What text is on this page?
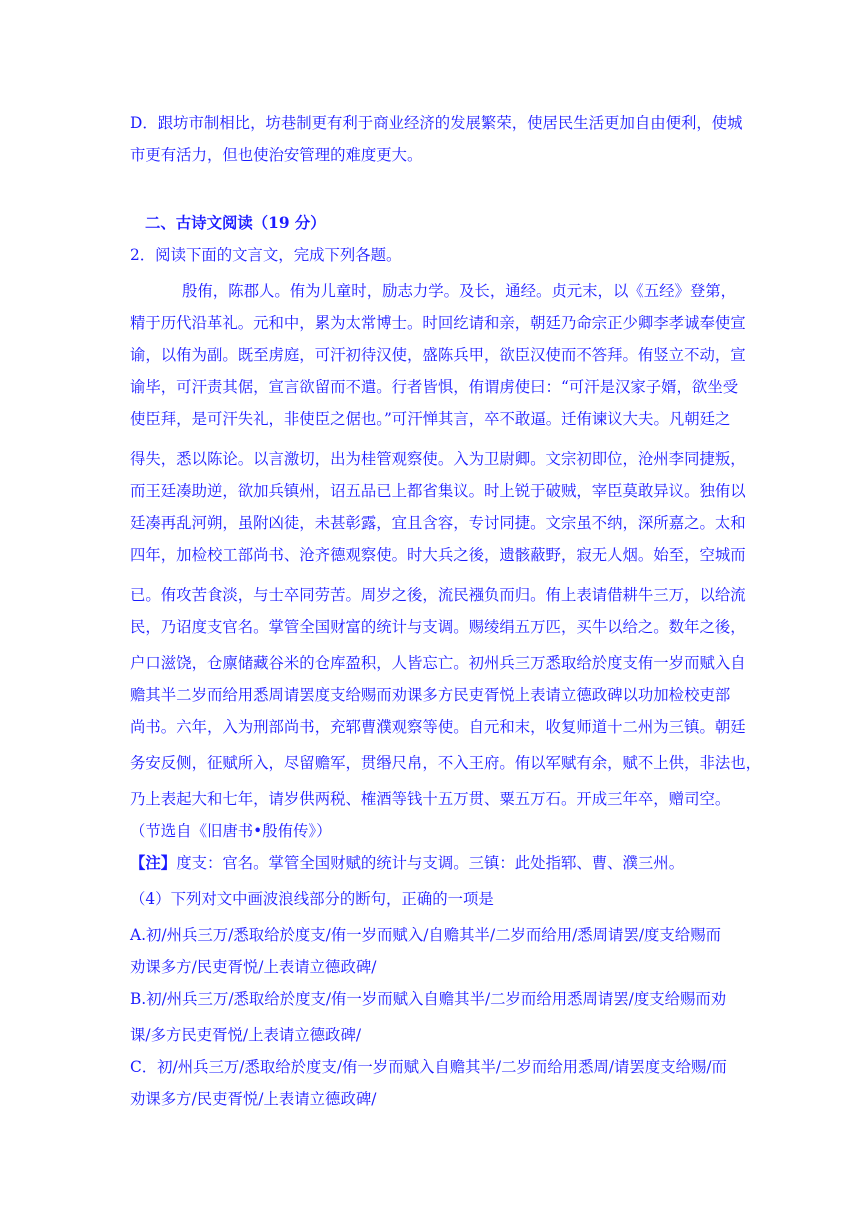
D．跟坊市制相比，坊巷制更有利于商业经济的发展繁荣，使居民生活更加自由便利，使城
市更有活力，但也使治安管理的难度更大。
二、古诗文阅读（19 分）
2．阅读下面的文言文，完成下列各题。
殷侑，陈郡人。侑为儿童时，励志力学。及长，通经。贞元末，以《五经》登第，
精于历代沿革礼。元和中，累为太常博士。时回纥请和亲，朝廷乃命宗正少卿李孝诚奉使宣
谕，以侑为副。既至虏庭，可汗初待汉使，盛陈兵甲，欲臣汉使而不答拜。侑竖立不动，宣
谕毕，可汗责其倨，宣言欲留而不遣。行者皆惧，侑谓虏使曰：“可汗是汉家子婿，欲坐受
使臣拜，是可汗失礼，非使臣之倨也。”可汗惮其言，卒不敢逼。迁侑谏议大夫。凡朝廷之
得失，悉以陈论。以言激切，出为桂管观察使。入为卫尉卿。文宗初即位，沧州李同捷叛，
而王廷凑助逆，欲加兵镇州，诏五品已上都省集议。时上锐于破贼，宰臣莫敢异议。独侑以
廷凑再乱河朔，虽附凶徒，未甚彰露，宜且含容，专讨同捷。文宗虽不纳，深所嘉之。太和
四年，加检校工部尚书、沧齐德观察使。时大兵之後，遗骸蔽野，寂无人烟。始至，空城而
已。侑攻苦食淡，与士卒同劳苦。周岁之後，流民襁负而归。侑上表请借耕牛三万，以给流
民，乃诏度支官名。掌管全国财富的统计与支调。赐绫绢五万匹，买牛以给之。数年之後，
户口滋饶，仓廪储藏谷米的仓库盈积，人皆忘亡。初州兵三万悉取给於度支侑一岁而赋入自
赡其半二岁而给用悉周请罢度支给赐而劝课多方民吏胥悦上表请立德政碑以功加检校吏部
尚书。六年，入为刑部尚书，充郓曹濮观察等使。自元和末，收复师道十二州为三镇。朝廷
务安反侧，征赋所入，尽留赡军，贯缗尺帛，不入王府。侑以军赋有余，赋不上供，非法也，
乃上表起大和七年，请岁供两税、榷酒等钱十五万贯、粟五万石。开成三年卒，赠司空。
（节选自《旧唐书•殷侑传》）
【注】度支：官名。掌管全国财赋的统计与支调。三镇：此处指郓、曹、濮三州。
（4）下列对文中画波浪线部分的断句，正确的一项是
A.初/州兵三万/悉取给於度支/侑一岁而赋入/自赡其半/二岁而给用/悉周请罢/度支给赐而
劝课多方/民吏胥悦/上表请立德政碑/
B.初/州兵三万/悉取给於度支/侑一岁而赋入自赡其半/二岁而给用悉周请罢/度支给赐而劝
课/多方民吏胥悦/上表请立德政碑/
C．初/州兵三万/悉取给於度支/侑一岁而赋入自赡其半/二岁而给用悉周/请罢度支给赐/而
劝课多方/民吏胥悦/上表请立德政碑/
